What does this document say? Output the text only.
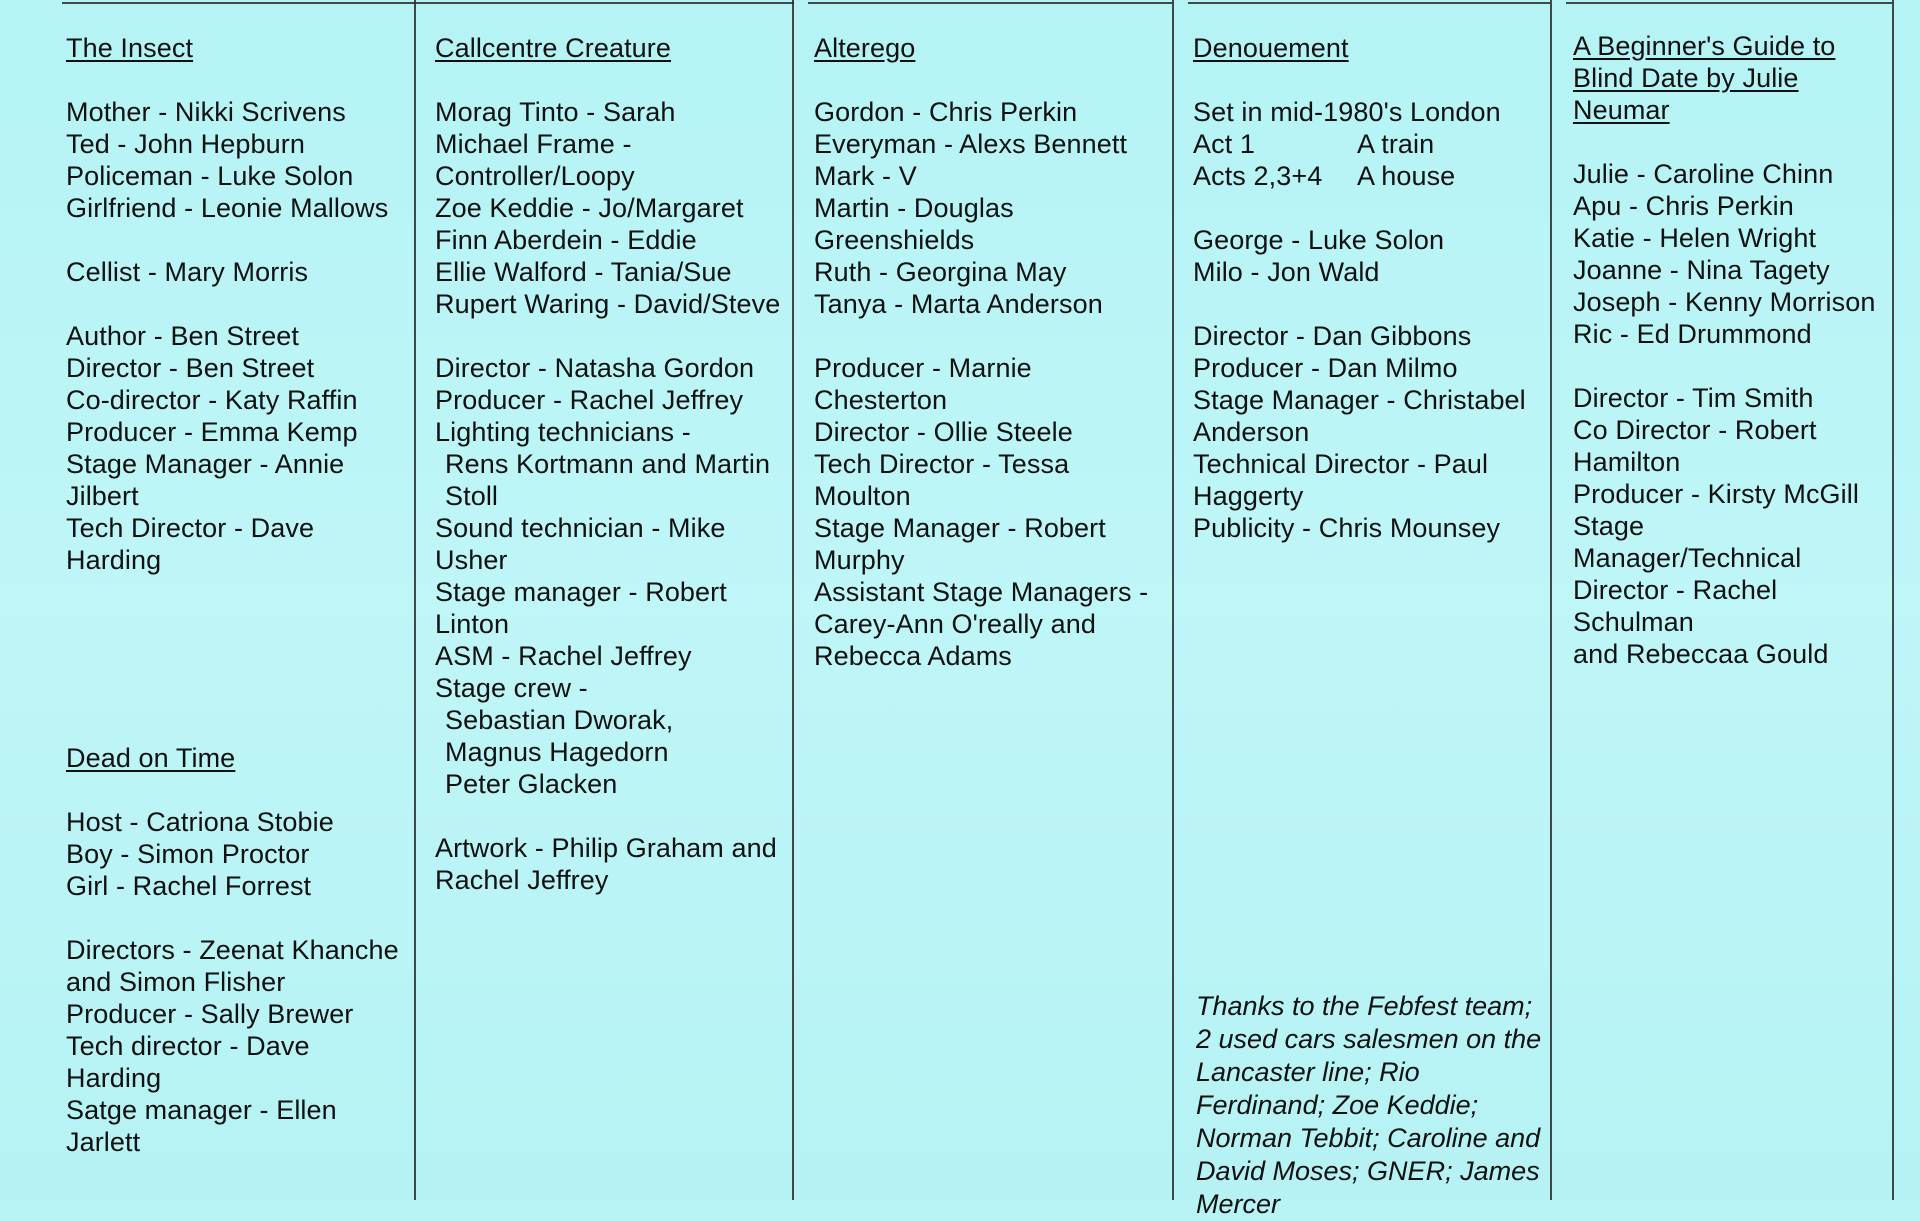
The Insect
Mother - Nikki Scrivens
Ted - John Hepburn
Policeman - Luke Solon
Girlfriend - Leonie Mallows
Cellist - Mary Morris
Author - Ben Street
Director - Ben Street
Co-director - Katy Raffin
Producer - Emma Kemp
Stage Manager - Annie Jilbert
Tech Director - Dave Harding
Dead on Time
Host - Catriona Stobie
Boy - Simon Proctor
Girl - Rachel Forrest
Directors - Zeenat Khanche and Simon Flisher
Producer - Sally Brewer
Tech director - Dave Harding
Satge manager - Ellen Jarlett
Callcentre Creature
Morag Tinto - Sarah
Michael Frame - Controller/Loopy
Zoe Keddie - Jo/Margaret
Finn Aberdein - Eddie
Ellie Walford - Tania/Sue
Rupert Waring - David/Steve
Director - Natasha Gordon
Producer - Rachel Jeffrey
Lighting technicians -
Rens Kortmann and Martin Stoll
Sound technician - Mike Usher
Stage manager - Robert Linton
ASM - Rachel Jeffrey
Stage crew -
Sebastian Dworak,
Magnus Hagedorn
Peter Glacken
Artwork - Philip Graham and Rachel Jeffrey
Alterego
Gordon - Chris Perkin
Everyman - Alexs Bennett
Mark - V
Martin - Douglas Greenshields
Ruth - Georgina May
Tanya - Marta Anderson
Producer - Marnie Chesterton
Director - Ollie Steele
Tech Director - Tessa Moulton
Stage Manager - Robert Murphy
Assistant Stage Managers - Carey-Ann O'really and Rebecca Adams
Denouement
Set in mid-1980's London
Act 1	A train
Acts 2,3+4	A house
George - Luke Solon
Milo - Jon Wald
Director - Dan Gibbons
Producer - Dan Milmo
Stage Manager - Christabel Anderson
Technical Director - Paul Haggerty
Publicity - Chris Mounsey
Thanks to the Febfest team; 2 used cars salesmen on the Lancaster line; Rio Ferdinand; Zoe Keddie; Norman Tebbit; Caroline and David Moses; GNER; James Mercer
A Beginner's Guide to Blind Date by Julie Neumar
Julie - Caroline Chinn
Apu - Chris Perkin
Katie - Helen Wright
Joanne - Nina Tagety
Joseph - Kenny Morrison
Ric - Ed Drummond
Director - Tim Smith
Co Director - Robert Hamilton
Producer - Kirsty McGill
Stage Manager/Technical Director - Rachel Schulman
and Rebeccaa Gould
